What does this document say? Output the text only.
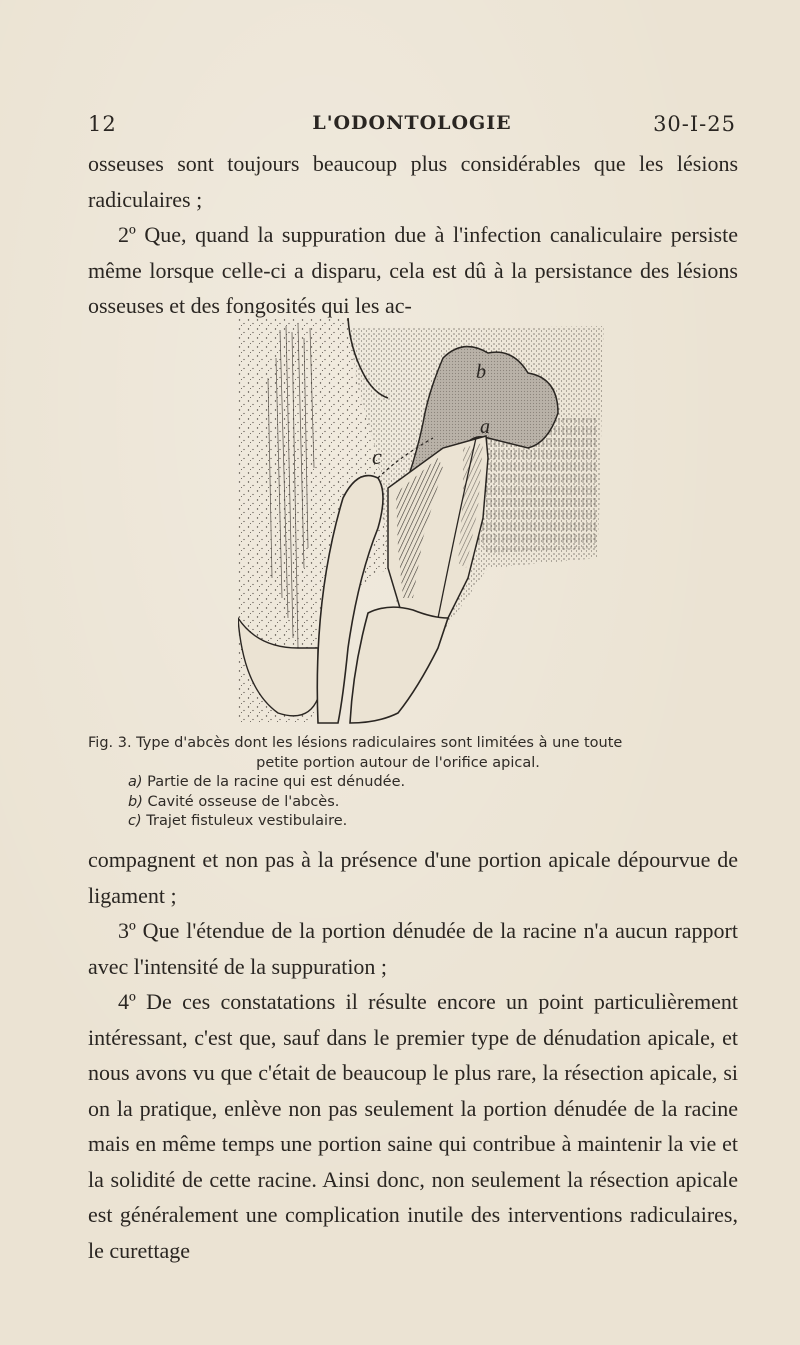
12	L'ODONTOLOGIE	30-I-25

osseuses sont toujours beaucoup plus considérables que les lésions radiculaires ;

2º Que, quand la suppuration due à l'infection canaliculaire persiste même lorsque celle-ci a disparu, cela est dû à la persistance des lésions osseuses et des fongosités qui les ac-

b
a
c

Fig. 3. Type d'abcès dont les lésions radiculaires sont limitées à une toute

petite portion autour de l'orifice apical.

a) Partie de la racine qui est dénudée.

b) Cavité osseuse de l'abcès.

c) Trajet fistuleux vestibulaire.

compagnent et non pas à la présence d'une portion apicale dépourvue de ligament ;

3º Que l'étendue de la portion dénudée de la racine n'a aucun rapport avec l'intensité de la suppuration ;

4º De ces constatations il résulte encore un point particulièrement intéressant, c'est que, sauf dans le premier type de dénudation apicale, et nous avons vu que c'était de beaucoup le plus rare, la résection apicale, si on la pratique, enlève non pas seulement la portion dénudée de la racine mais en même temps une portion saine qui contribue à maintenir la vie et la solidité de cette racine. Ainsi donc, non seulement la résection apicale est généralement une complication inutile des interventions radiculaires, le curettage
